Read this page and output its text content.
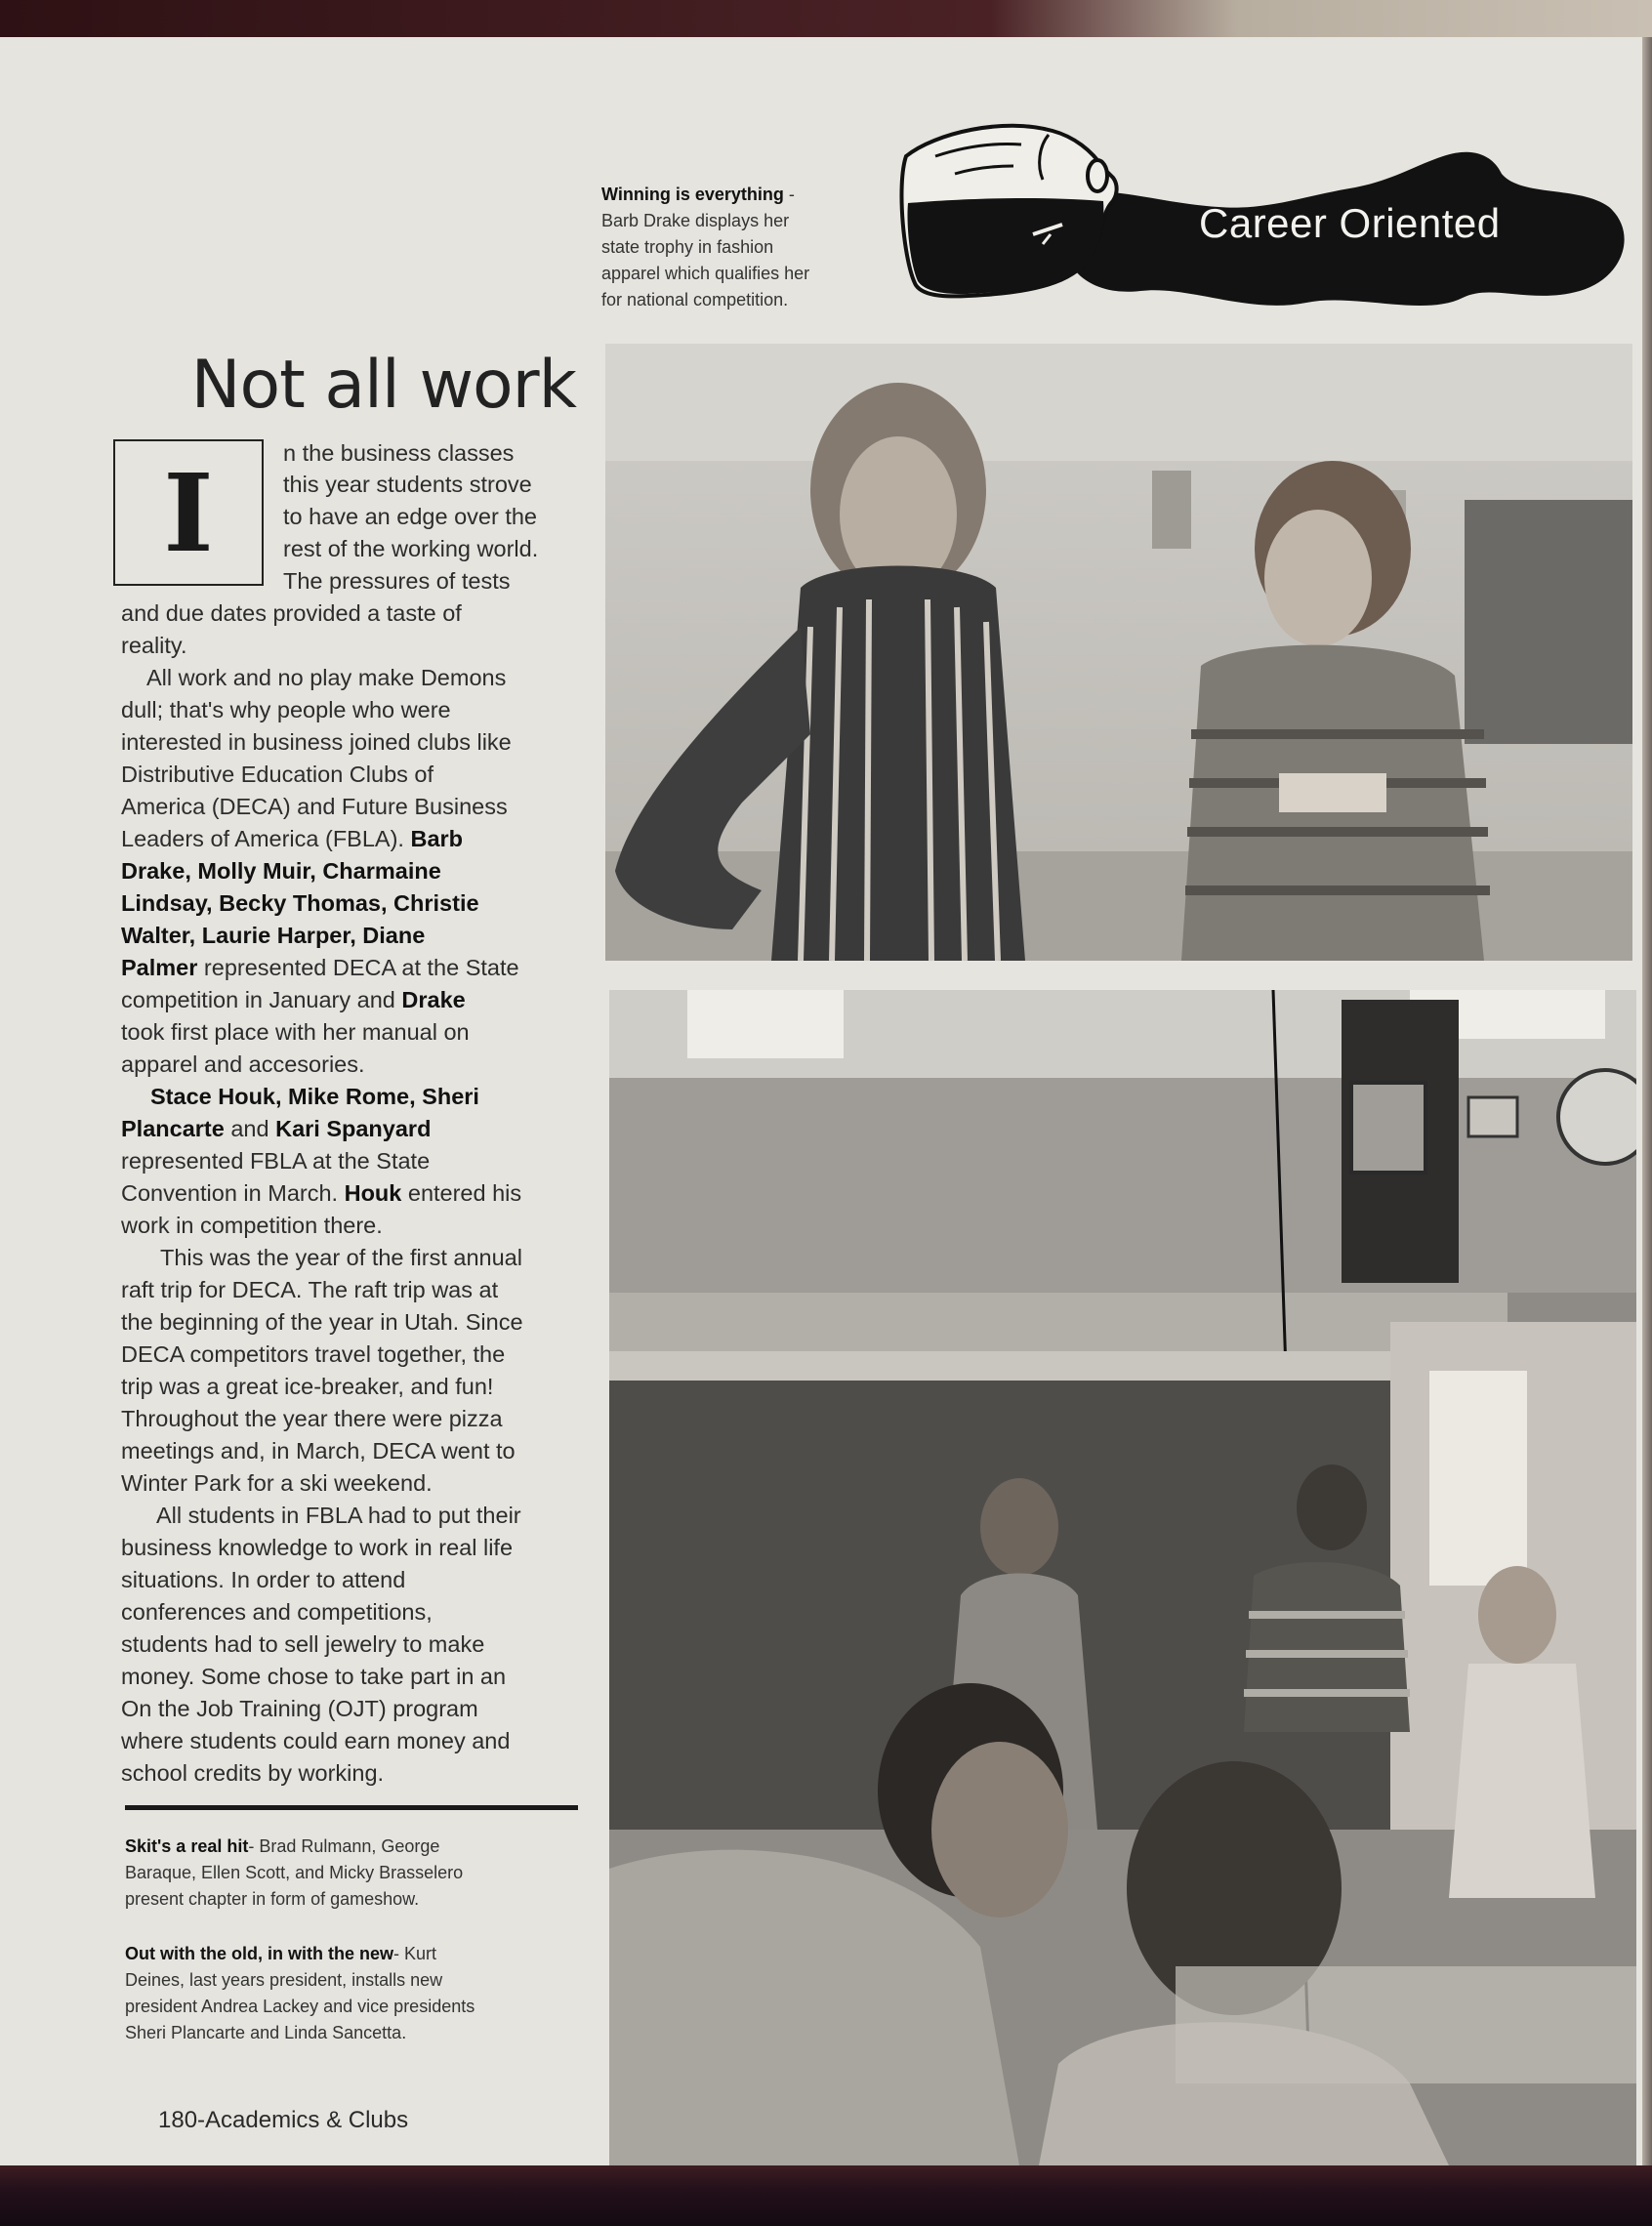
Winning is everything -
Barb Drake displays her
state trophy in fashion
apparel which qualifies her
for national competition.
Career Oriented
Not all work
I	n the business classes
this year students strove
to have an edge over the
rest of the working world.
The pressures of tests
and due dates provided a taste of
reality.
All work and no play make Demons
dull; that's why people who were
interested in business joined clubs like
Distributive Education Clubs of
America (DECA) and Future Business
Leaders of America (FBLA). Barb
Drake, Molly Muir, Charmaine
Lindsay, Becky Thomas, Christie
Walter, Laurie Harper, Diane
Palmer represented DECA at the State
competition in January and Drake
took first place with her manual on
apparel and accesories.
Stace Houk, Mike Rome, Sheri
Plancarte and Kari Spanyard
represented FBLA at the State
Convention in March. Houk entered his
work in competition there.
This was the year of the first annual
raft trip for DECA. The raft trip was at
the beginning of the year in Utah. Since
DECA competitors travel together, the
trip was a great ice-breaker, and fun!
Throughout the year there were pizza
meetings and, in March, DECA went to
Winter Park for a ski weekend.
All students in FBLA had to put their
business knowledge to work in real life
situations. In order to attend
conferences and competitions,
students had to sell jewelry to make
money. Some chose to take part in an
On the Job Training (OJT) program
where students could earn money and
school credits by working.
Skit's a real hit- Brad Rulmann, George
Baraque, Ellen Scott, and Micky Brasselero
present chapter in form of gameshow.
Out with the old, in with the new- Kurt
Deines, last years president, installs new
president Andrea Lackey and vice presidents
Sheri Plancarte and Linda Sancetta.
180-Academics & Clubs
